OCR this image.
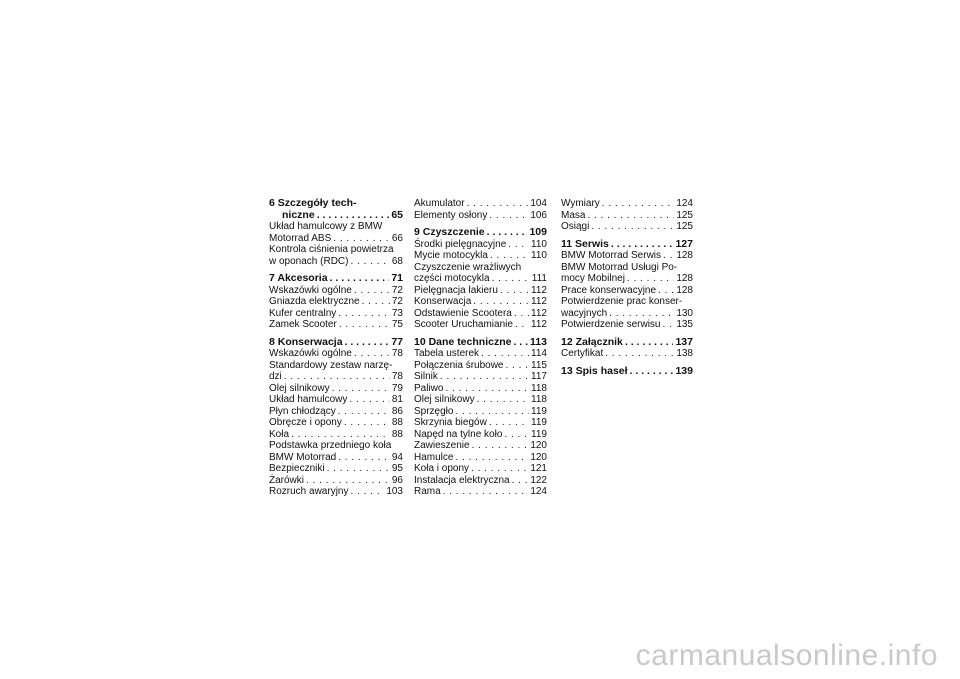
6 Szczegóły tech-
niczne . . .	65
Układ hamulcowy z BMW
Motorrad ABS . . .	66
Kontrola ciśnienia powietrza
w oponach (RDC) . . .	68
7 Akcesoria . . .	71
Wskazówki ogólne . . .	72
Gniazda elektryczne . . .	72
Kufer centralny . . .	73
Zamek Scooter . . .	75
8 Konserwacja . . .	77
Wskazówki ogólne . . .	78
Standardowy zestaw narzę-
dzi . . .	78
Olej silnikowy . . .	79
Układ hamulcowy . . .	81
Płyn chłodzący . . .	86
Obręcze i opony . . .	88
Koła . . .	88
Podstawka przedniego koła
BMW Motorrad . . .	94
Bezpieczniki . . .	95
Żarówki . . .	96
Rozruch awaryjny . . .	103
Akumulator . . .	104
Elementy osłony . . .	106
9 Czyszczenie . . .	109
Środki pielęgnacyjne . . . 110
Mycie motocykla . . .	110
Czyszczenie wrażliwych
części motocykla . . .	111
Pielęgnacja lakieru . . .	112
Konserwacja . . .	112
Odstawienie Scootera . . . 112
Scooter Uruchamianie . . . 112
10 Dane techniczne . . . 113
Tabela usterek . . .	114
Połączenia śrubowe . . .	115
Silnik . . .	117
Paliwo . . .	118
Olej silnikowy . . .	118
Sprzęgło . . .	119
Skrzynia biegów . . .	119
Napęd na tylne koło . . .	119
Zawieszenie . . .	120
Hamulce . . .	120
Koła i opony . . .	121
Instalacja elektryczna . . . 122
Rama . . .	124
Wymiary . . .	124
Masa . . .	125
Osiągi . . .	125
11 Serwis . . .	127
BMW Motorrad Serwis . . . 128
BMW Motorrad Usługi Po-
mocy Mobilnej . . .	128
Prace konserwacyjne . . . 128
Potwierdzenie prac konser-
wacyjnych . . .	130
Potwierdzenie serwisu . . . 135
12 Załącznik . . .	137
Certyfikat . . .	138
13 Spis haseł . . .	139
carmanualsonline.info
